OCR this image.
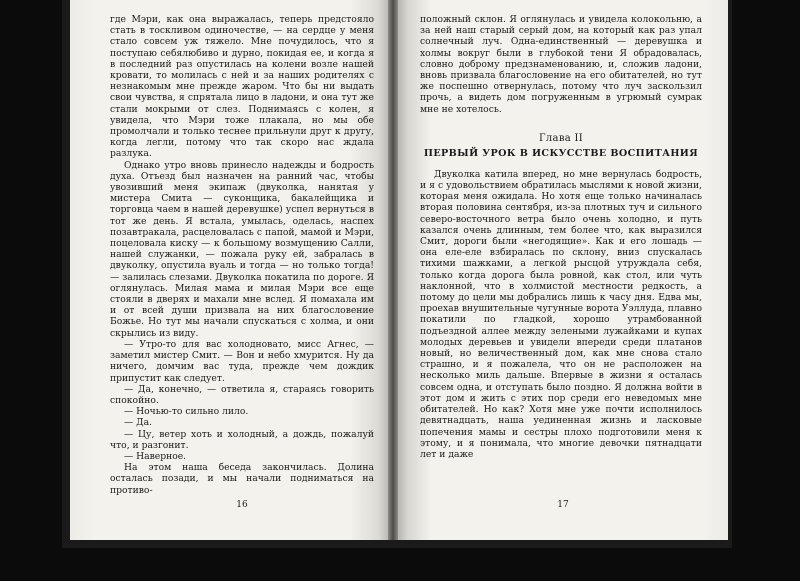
где Мэри, как она выражалась, теперь предстояло стать в тоскливом одиночестве, — на сердце у меня стало совсем уж тяжело. Мне почудилось, что я поступаю себялюбиво и дурно, покидая ее, и когда я в последний раз опустилась на колени возле нашей кровати, то молилась с ней и за наших родителях с незнакомым мне прежде жаром. Что бы ни выдать свои чувства, я спрятала лицо в ладони, и она тут же стали мокрыми от слез. Поднимаясь с колен, я увидела, что Мэри тоже плакала, но мы обе промолчали и только теснее прильнули друг к другу, когда легли, потому что так скоро нас ждала разлука.

Однако утро вновь принесло надежды и бодрость духа. Отъезд был назначен на ранний час, чтобы увозивший меня экипаж (двуколка, нанятая у мистера Смита — суконщика, бакалейщика и торговца чаем в нашей деревушке) успел вернуться в тот же день. Я встала, умылась, оделась, наспех позавтракала, расцеловалась с папой, мамой и Мэри, поцеловала киску — к большому возмущению Салли, нашей служанки, — пожала руку ей, забралась в двуколку, опустила вуаль и тогда — но только тогда! — залилась слезами. Двуколка покатила по дороге. Я оглянулась. Милая мама и милая Мэри все еще стояли в дверях и махали мне вслед. Я помахала им и от всей души призвала на них благословение Божье. Но тут мы начали спускаться с холма, и они скрылись из виду.

— Утро-то для вас холодновато, мисс Агнес, — заметил мистер Смит. — Вон и небо хмурится. Ну да ничего, домчим вас туда, прежде чем дождик припустит как следует.

— Да, конечно, — ответила я, стараясь говорить спокойно.

— Ночью-то сильно лило.

— Да.

— Цу, ветер хоть и холодный, а дождь, пожалуй что, и разгонит.

— Наверное.

На этом наша беседа закончилась. Долина осталась позади, и мы начали подниматься на противо-

16

положный склон. Я оглянулась и увидела колокольню, а за ней наш старый серый дом, на который как раз упал солнечный луч. Одна-единственный — деревушка и холмы вокруг были в глубокой тени Я обрадовалась, словно доброму предзнаменованию, и, сложив ладони, вновь призвала благословение на его обитателей, но тут же поспешно отвернулась, потому что луч заскользил прочь, а видеть дом погруженным в угрюмый сумрак мне не хотелось.

Глава II
ПЕРВЫЙ УРОК В ИСКУССТВЕ ВОСПИТАНИЯ

Двуколка катила вперед, но мне вернулась бодрость, и я с удовольствием обратилась мыслями к новой жизни, которая меня ожидала. Но хотя еще только начиналась вторая половина сентября, из-за плотных туч и сильного северо-восточного ветра было очень холодно, и путь казался очень длинным, тем более что, как выразился Смит, дороги были «негодящие». Как и его лошадь — она еле-еле взбиралась по склону, вниз спускалась тихими шажками, а легкой рысцой утруждала себя, только когда дорога была ровной, как стол, или чуть наклонной, что в холмистой местности редкость, а потому до цели мы добрались лишь к часу дня. Едва мы, проехав внушительные чугунные ворота Уэллуда, плавно покатили по гладкой, хорошо утрамбованной подъездной аллее между зелеными лужайками и купах молодых деревьев и увидели впереди среди платанов новый, но величественный дом, как мне снова стало страшно, и я пожалела, что он не расположен на несколько миль дальше. Впервые в жизни я осталась совсем одна, и отступать было поздно. Я должна войти в этот дом и жить с этих пор среди его неведомых мне обитателей. Но как? Хотя мне уже почти исполнилось девятнадцать, наша уединенная жизнь и ласковые попечения мамы и сестры плохо подготовили меня к этому, и я понимала, что многие девочки пятнадцати лет и даже

17
